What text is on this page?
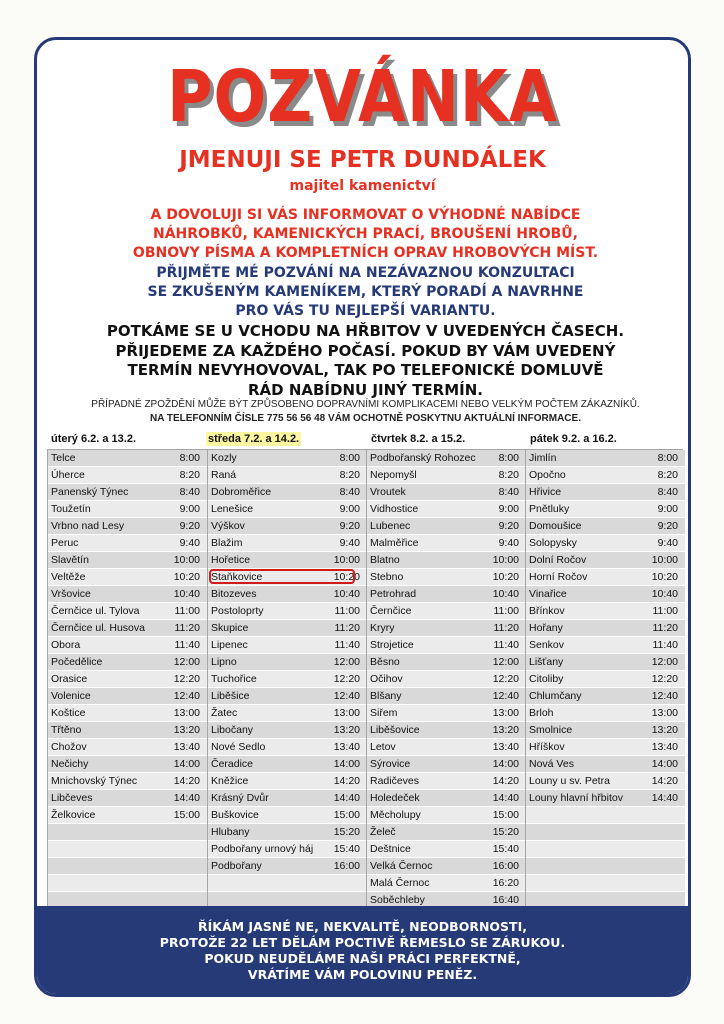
POZVÁNKA
JMENUJI SE PETR DUNDÁLEK
majitel kamenictví
A DOVOLUJI SI VÁS INFORMOVAT O VÝHODNÉ NABÍDCE
NÁHROBKŮ, KAMENICKÝCH PRACÍ, BROUŠENÍ HROBŮ,
OBNOVY PÍSMA A KOMPLETNÍCH OPRAV HROBOVÝCH MÍST.
PŘIJMĚTE MÉ POZVÁNÍ NA NEZÁVAZNOU KONZULTACI
SE ZKUŠENÝM KAMENÍKEM, KTERÝ PORADÍ A NAVRHNE
PRO VÁS TU NEJLEPŠÍ VARIANTU.
POTKÁME SE U VCHODU NA HŘBITOV V UVEDENÝCH ČASECH.
PŘIJEDEME ZA KAŽDÉHO POČASÍ. POKUD BY VÁM UVEDENÝ
TERMÍN NEVYHOVOVAL, TAK PO TELEFONICKÉ DOMLUVĚ
RÁD NABÍDNU JINÝ TERMÍN.
PŘÍPADNÉ ZPOŽDĚNÍ MŮŽE BÝT ZPŮSOBENO DOPRAVNÍMI KOMPLIKACEMI NEBO VELKÝM POČTEM ZÁKAZNÍKŮ.
NA TELEFONNÍM ČÍSLE 775 56 56 48 VÁM OCHOTNĚ POSKYTNU AKTUÁLNÍ INFORMACE.
úterý 6.2. a 13.2.	středa 7.2. a 14.2.	čtvrtek 8.2. a 15.2.	pátek 9.2. a 16.2.
Telce	8:00
Úherce	8:20
Panenský Týnec	8:40
Toužetín	9:00
Vrbno nad Lesy	9:20
Peruc	9:40
Slavětín	10:00
Veltěže	10:20
Vršovice	10:40
Černčice ul. Tylova	11:00
Černčice ul. Husova	11:20
Obora	11:40
Počedělice	12:00
Orasice	12:20
Volenice	12:40
Koštice	13:00
Třtěno	13:20
Chožov	13:40
Nečichy	14:00
Mnichovský Týnec	14:20
Libčeves	14:40
Želkovice	15:00
Kozly	8:00
Raná	8:20
Dobroměřice	8:40
Lenešice	9:00
Výškov	9:20
Blažim	9:40
Hořetice	10:00
Staňkovice	10:20
Bitozeves	10:40
Postoloprty	11:00
Skupice	11:20
Lipenec	11:40
Lipno	12:00
Tuchořice	12:20
Liběšice	12:40
Žatec	13:00
Libočany	13:20
Nové Sedlo	13:40
Čeradice	14:00
Kněžice	14:20
Krásný Dvůr	14:40
Buškovice	15:00
Hlubany	15:20
Podbořany urnový háj 15:40
Podbořany	16:00
Podbořanský Rohozec 8:00
Nepomyšl	8:20
Vroutek	8:40
Vidhostice	9:00
Lubenec	9:20
Malměřice	9:40
Blatno	10:00
Stebno	10:20
Petrohrad	10:40
Černčice	11:00
Kryry	11:20
Strojetice	11:40
Běsno	12:00
Očihov	12:20
Blšany	12:40
Siřem	13:00
Liběšovice	13:20
Letov	13:40
Sýrovice	14:00
Radičeves	14:20
Holedeček	14:40
Měcholupy	15:00
Želeč	15:20
Deštnice	15:40
Velká Černoc	16:00
Malá Černoc	16:20
Soběchleby	16:40
Jimlín	8:00
Opočno	8:20
Hřivice	8:40
Pnětluky	9:00
Domoušice	9:20
Solopysky	9:40
Dolní Ročov	10:00
Horní Ročov	10:20
Vinařice	10:40
Břínkov	11:00
Hořany	11:20
Senkov	11:40
Lišťany	12:00
Citoliby	12:20
Chlumčany	12:40
Brloh	13:00
Smolnice	13:20
Hříškov	13:40
Nová Ves	14:00
Louny u sv. Petra	14:20
Louny hlavní hřbitov	14:40
ŘÍKÁM JASNÉ NE, NEKVALITĚ, NEODBORNOSTI,
PROTOŽE 22 LET DĚLÁM POCTIVĚ ŘEMESLO SE ZÁRUKOU.
POKUD NEUDĚLÁME NAŠI PRÁCI PERFEKTNĚ,
VRÁTÍME VÁM POLOVINU PENĚZ.
